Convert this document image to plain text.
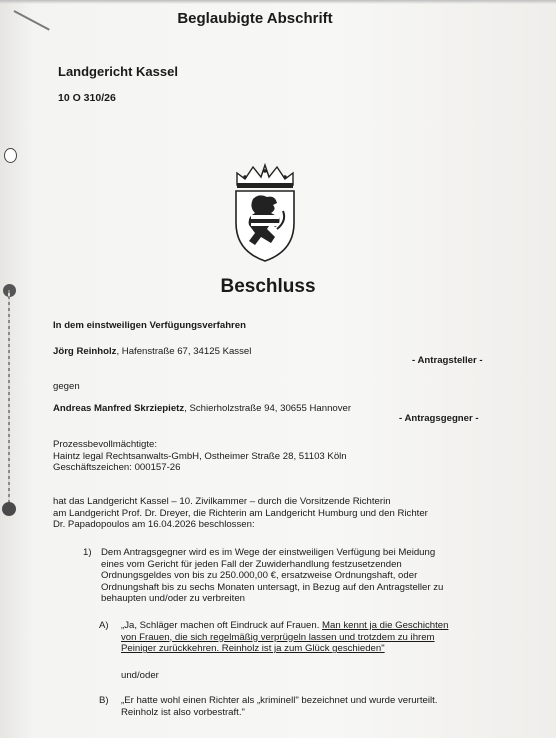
Beglaubigte Abschrift
Landgericht Kassel
10 O 310/26
Beschluss
In dem einstweiligen Verfügungsverfahren
Jörg Reinholz, Hafenstraße 67, 34125 Kassel
- Antragsteller -
gegen
Andreas Manfred Skrziepietz, Schierholzstraße 94, 30655 Hannover
- Antragsgegner -
Prozessbevollmächtigte:
Haintz legal Rechtsanwalts-GmbH, Ostheimer Straße 28, 51103 Köln
Geschäftszeichen: 000157-26
hat das Landgericht Kassel – 10. Zivilkammer – durch die Vorsitzende Richterin
am Landgericht Prof. Dr. Dreyer, die Richterin am Landgericht Humburg und den Richter
Dr. Papadopoulos am 16.04.2026 beschlossen:
1) Dem Antragsgegner wird es im Wege der einstweiligen Verfügung bei Meidung
eines vom Gericht für jeden Fall der Zuwiderhandlung festzusetzenden
Ordnungsgeldes von bis zu 250.000,00 €, ersatzweise Ordnungshaft, oder
Ordnungshaft bis zu sechs Monaten untersagt, in Bezug auf den Antragsteller zu
behaupten und/oder zu verbreiten
A) „Ja, Schläger machen oft Eindruck auf Frauen. Man kennt ja die Geschichten
von Frauen, die sich regelmäßig verprügeln lassen und trotzdem zu ihrem
Peiniger zurückkehren. Reinholz ist ja zum Glück geschieden"
und/oder
B) „Er hatte wohl einen Richter als „kriminell" bezeichnet und wurde verurteilt.
Reinholz ist also vorbestraft."
